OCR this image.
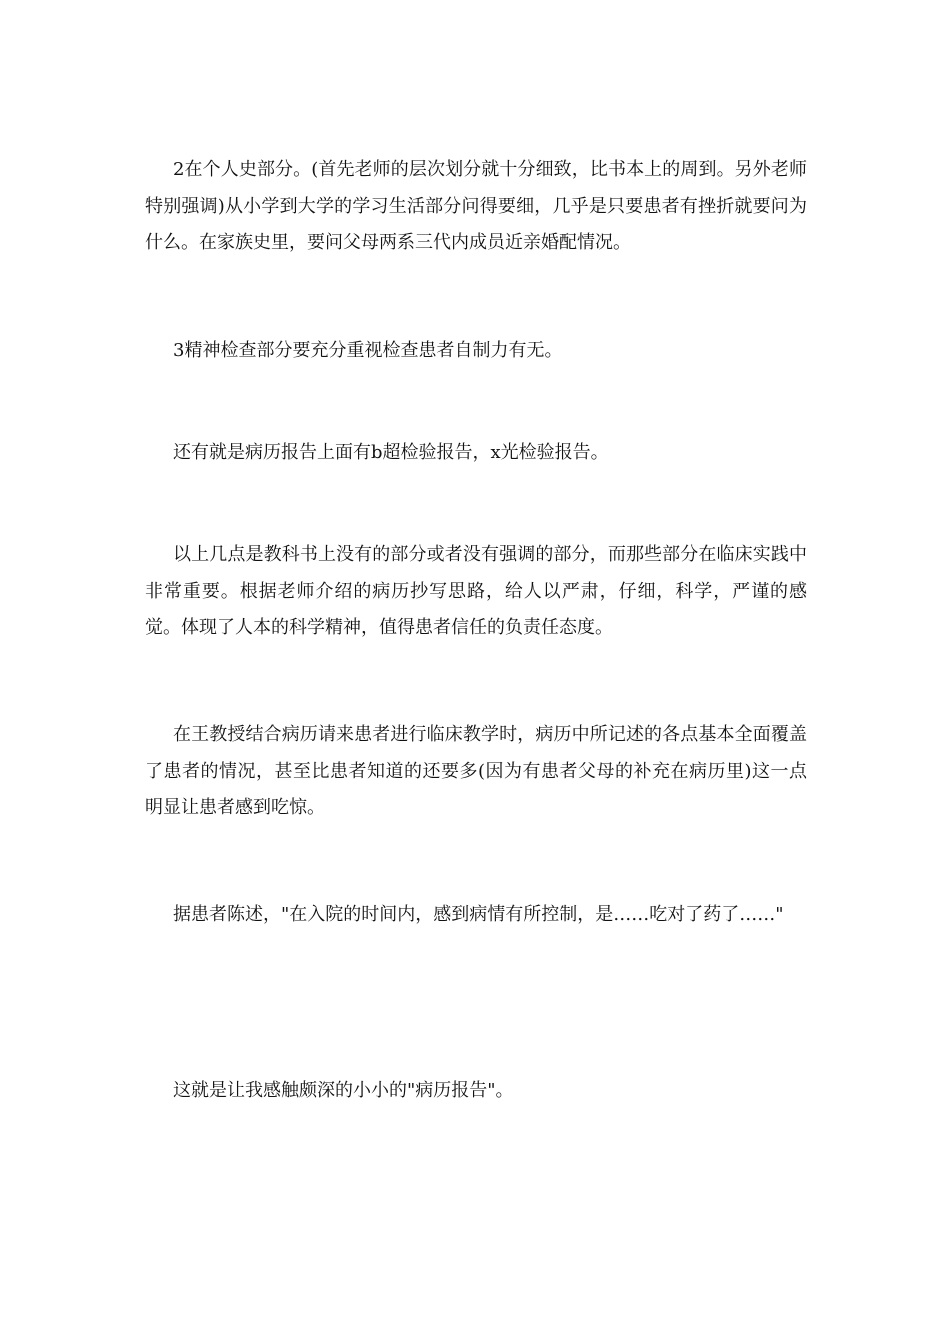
2在个人史部分。(首先老师的层次划分就十分细致，比书本上的周到。另外老师特别强调)从小学到大学的学习生活部分问得要细，几乎是只要患者有挫折就要问为什么。在家族史里，要问父母两系三代内成员近亲婚配情况。

3精神检查部分要充分重视检查患者自制力有无。

还有就是病历报告上面有b超检验报告，x光检验报告。

以上几点是教科书上没有的部分或者没有强调的部分，而那些部分在临床实践中非常重要。根据老师介绍的病历抄写思路，给人以严肃，仔细，科学，严谨的感觉。体现了人本的科学精神，值得患者信任的负责任态度。

在王教授结合病历请来患者进行临床教学时，病历中所记述的各点基本全面覆盖了患者的情况，甚至比患者知道的还要多(因为有患者父母的补充在病历里)这一点明显让患者感到吃惊。

据患者陈述，"在入院的时间内，感到病情有所控制，是……吃对了药了……"

这就是让我感触颇深的小小的"病历报告"。
